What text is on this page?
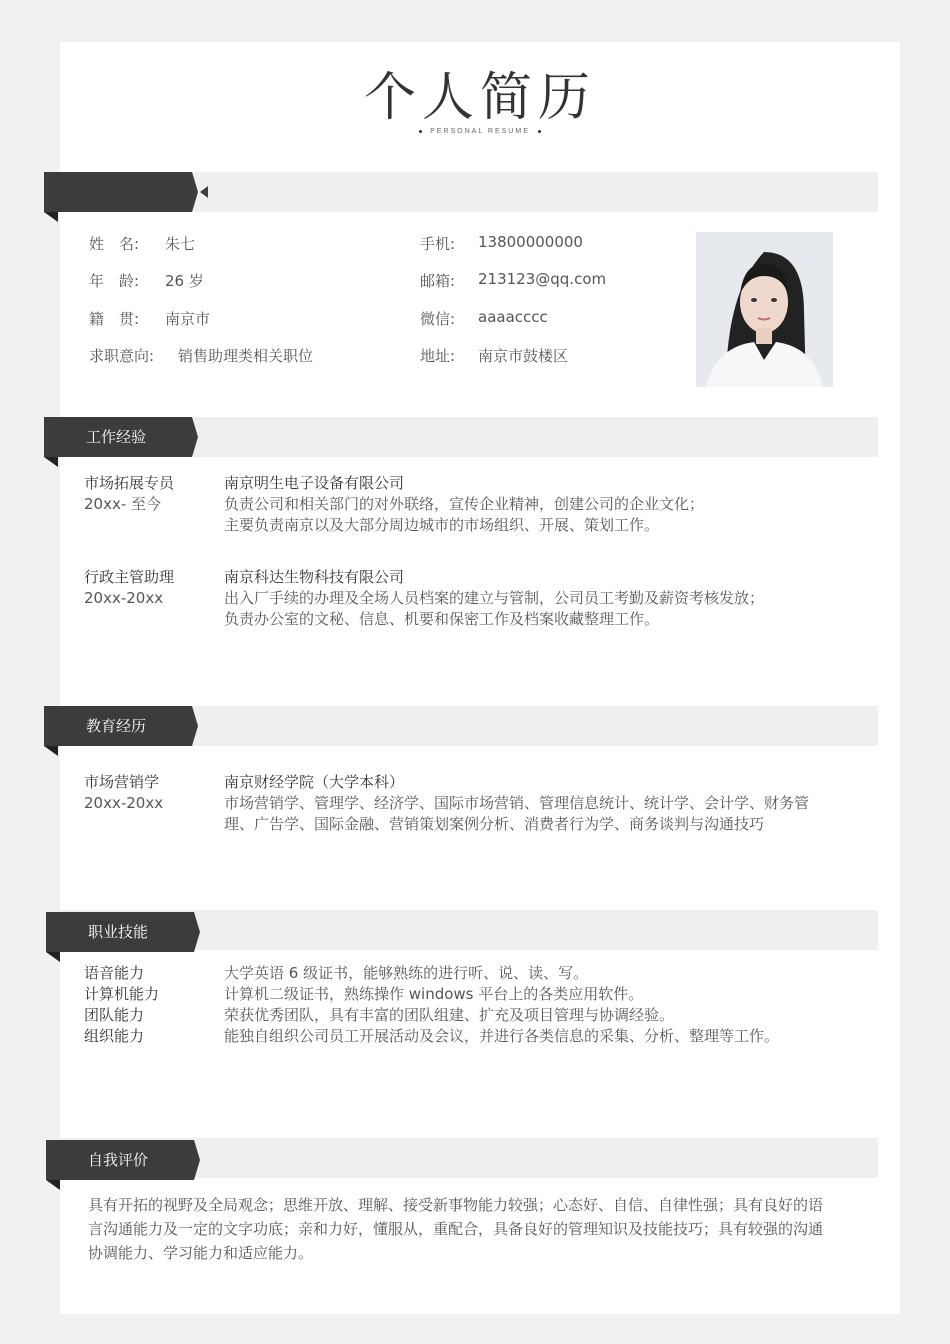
个人简历
PERSONAL RESUME
姓　名: 朱七
年　龄: 26 岁
籍　贯: 南京市
求职意向: 销售助理类相关职位
手机: 13800000000
邮箱: 213123@qq.com
微信: aaaacccc
地址: 南京市鼓楼区
工作经验
市场拓展专员
20xx- 至今
南京明生电子设备有限公司
负责公司和相关部门的对外联络，宣传企业精神，创建公司的企业文化；
主要负责南京以及大部分周边城市的市场组织、开展、策划工作。
行政主管助理
20xx-20xx
南京科达生物科技有限公司
出入厂手续的办理及全场人员档案的建立与管制，公司员工考勤及薪资考核发放；
负责办公室的文秘、信息、机要和保密工作及档案收藏整理工作。
教育经历
市场营销学
20xx-20xx
南京财经学院（大学本科）
市场营销学、管理学、经济学、国际市场营销、管理信息统计、统计学、会计学、财务管
理、广告学、国际金融、营销策划案例分析、消费者行为学、商务谈判与沟通技巧
职业技能
语音能力
计算机能力
团队能力
组织能力
大学英语 6 级证书，能够熟练的进行听、说、读、写。
计算机二级证书，熟练操作 windows 平台上的各类应用软件。
荣获优秀团队，具有丰富的团队组建、扩充及项目管理与协调经验。
能独自组织公司员工开展活动及会议，并进行各类信息的采集、分析、整理等工作。
自我评价
具有开拓的视野及全局观念；思维开放、理解、接受新事物能力较强；心态好、自信、自律性强；具有良好的语
言沟通能力及一定的文字功底；亲和力好，懂服从，重配合，具备良好的管理知识及技能技巧；具有较强的沟通
协调能力、学习能力和适应能力。
